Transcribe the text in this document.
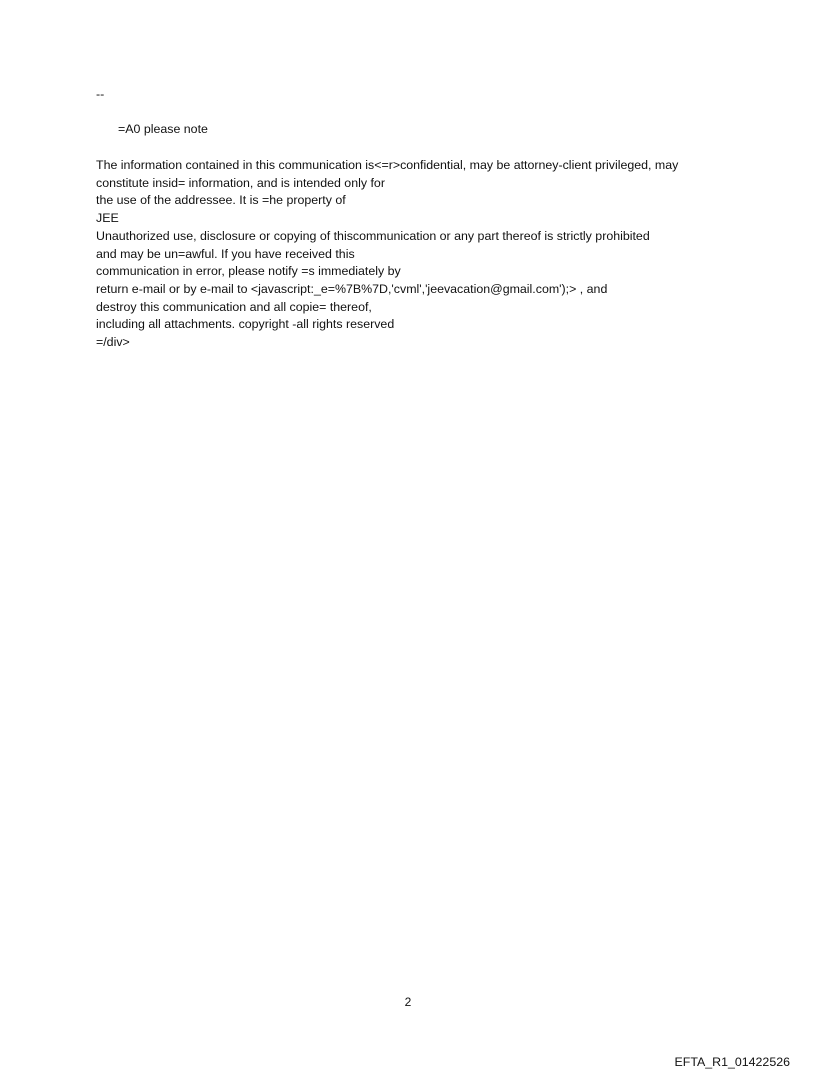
--
=A0 please note
The information contained in this communication is<=r>confidential, may be attorney-client privileged, may
constitute insid= information, and is intended only for
the use of the addressee. It is =he property of
JEE
Unauthorized use, disclosure or copying of thiscommunication or any part thereof is strictly prohibited
and may be un=awful. If you have received this
communication in error, please notify =s immediately by
return e-mail or by e-mail to <javascript:_e=%7B%7D,'cvml','jeevacation@gmail.com');> , and
destroy this communication and all copie= thereof,
including all attachments. copyright -all rights reserved
=/div>
2
EFTA_R1_01422526
